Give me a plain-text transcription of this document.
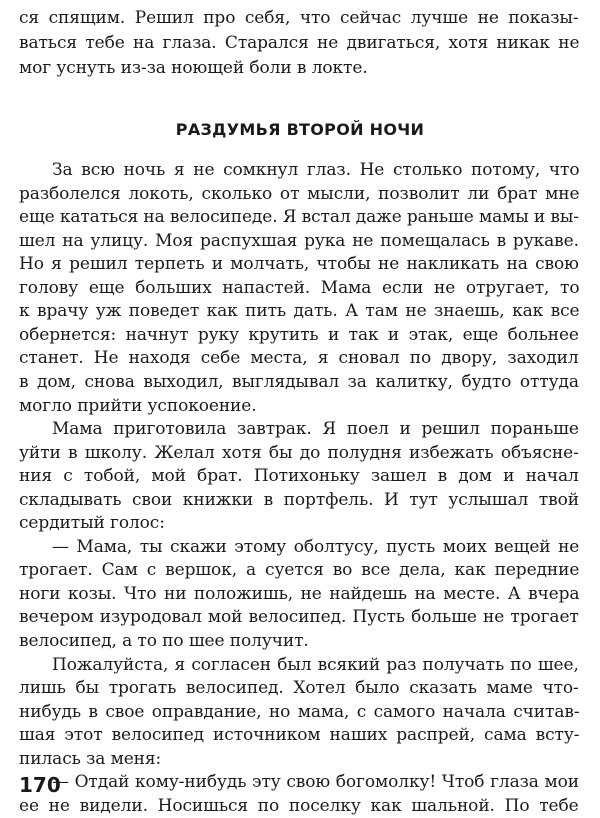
ся спящим. Решил про себя, что сейчас лучше не показы-
ваться тебе на глаза. Старался не двигаться, хотя никак не
мог уснуть из-за ноющей боли в локте.
РАЗДУМЬЯ ВТОРОЙ НОЧИ
За всю ночь я не сомкнул глаз. Не столько потому, что
разболелся локоть, сколько от мысли, позволит ли брат мне
еще кататься на велосипеде. Я встал даже раньше мамы и вы-
шел на улицу. Моя распухшая рука не помещалась в рукаве.
Но я решил терпеть и молчать, чтобы не накликать на свою
голову еще больших напастей. Мама если не отругает, то
к врачу уж поведет как пить дать. А там не знаешь, как все
обернется: начнут руку крутить и так и этак, еще больнее
станет. Не находя себе места, я сновал по двору, заходил
в дом, снова выходил, выглядывал за калитку, будто оттуда
могло прийти успокоение.
Мама приготовила завтрак. Я поел и решил пораньше
уйти в школу. Желал хотя бы до полудня избежать объясне-
ния с тобой, мой брат. Потихоньку зашел в дом и начал
складывать свои книжки в портфель. И тут услышал твой
сердитый голос:
— Мама, ты скажи этому оболтусу, пусть моих вещей не
трогает. Сам с вершок, а суется во все дела, как передние
ноги козы. Что ни положишь, не найдешь на месте. А вчера
вечером изуродовал мой велосипед. Пусть больше не трогает
велосипед, а то по шее получит.
Пожалуйста, я согласен был всякий раз получать по шее,
лишь бы трогать велосипед. Хотел было сказать маме что-
нибудь в свое оправдание, но мама, с самого начала считав-
шая этот велосипед источником наших распрей, сама всту-
пилась за меня:
— Отдай кому-нибудь эту свою богомолку! Чтоб глаза мои
ее не видели. Носишься по поселку как шальной. По тебе
170
